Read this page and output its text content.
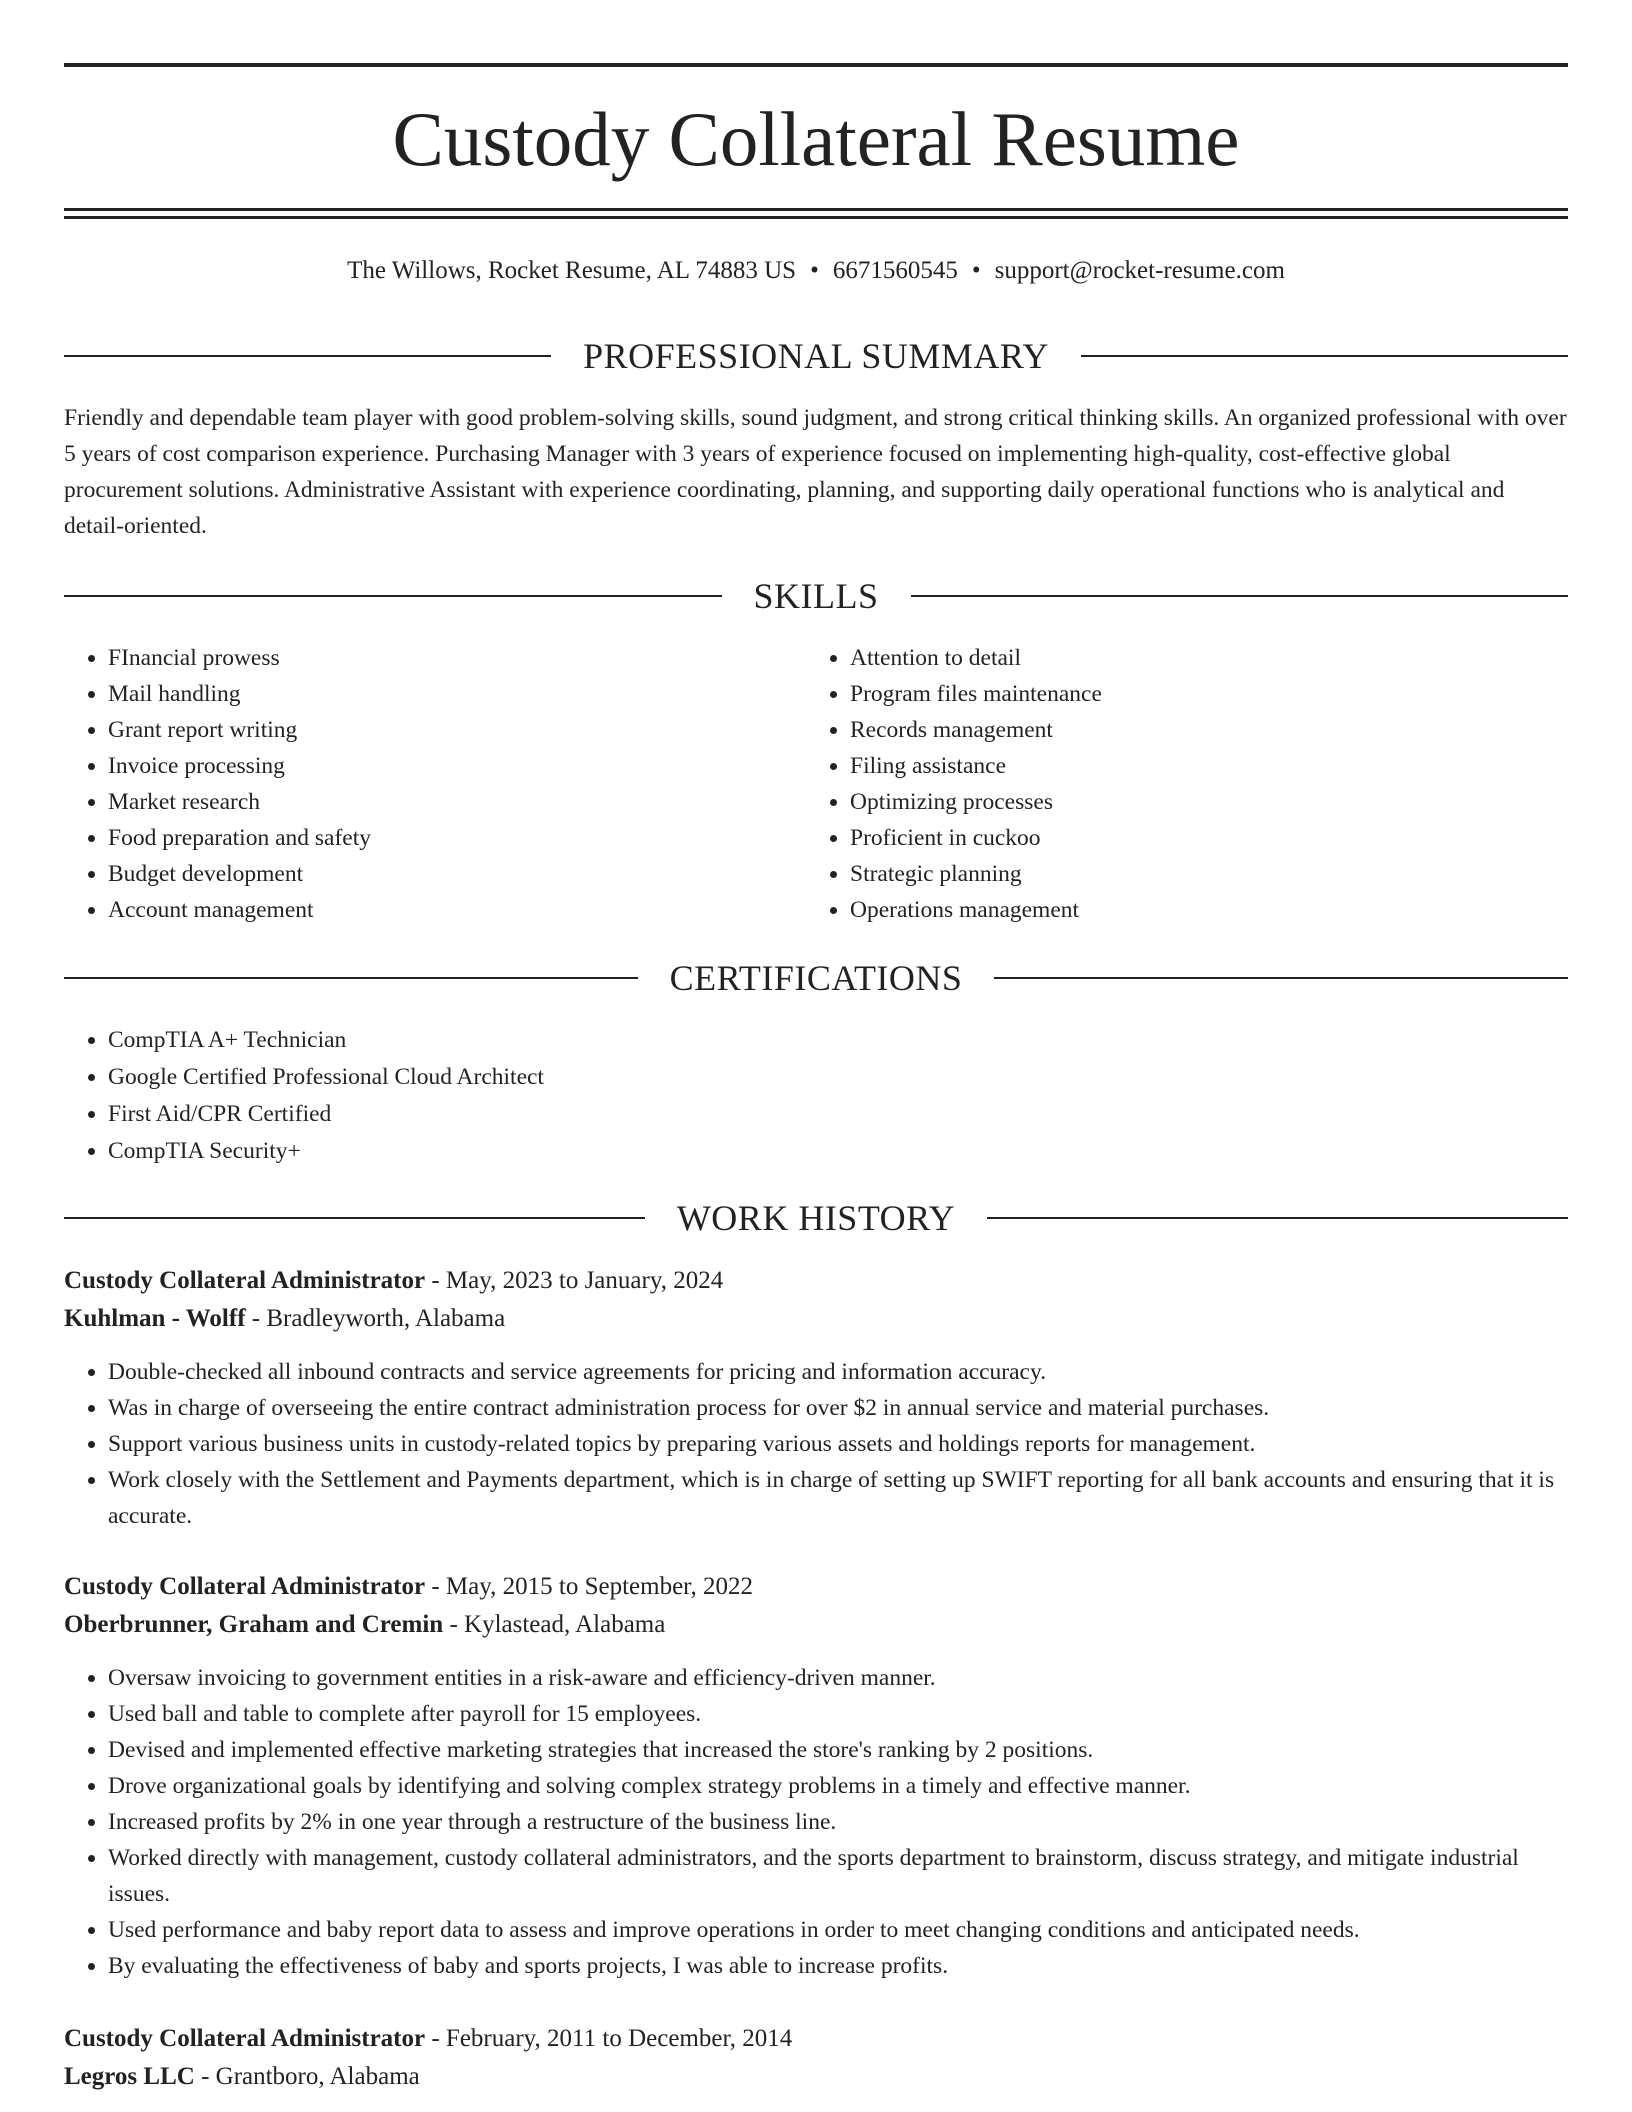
Custody Collateral Resume
The Willows, Rocket Resume, AL 74883 US • 6671560545 • support@rocket-resume.com
PROFESSIONAL SUMMARY

Friendly and dependable team player with good problem-solving skills, sound judgment, and strong critical thinking skills. An organized professional with over 5 years of cost comparison experience. Purchasing Manager with 3 years of experience focused on implementing high-quality, cost-effective global procurement solutions. Administrative Assistant with experience coordinating, planning, and supporting daily operational functions who is analytical and detail-oriented.

SKILLS
• FInancial prowess
• Mail handling
• Grant report writing
• Invoice processing
• Market research
• Food preparation and safety
• Budget development
• Account management
• Attention to detail
• Program files maintenance
• Records management
• Filing assistance
• Optimizing processes
• Proficient in cuckoo
• Strategic planning
• Operations management
CERTIFICATIONS
• CompTIA A+ Technician
• Google Certified Professional Cloud Architect
• First Aid/CPR Certified
• CompTIA Security+
WORK HISTORY
Custody Collateral Administrator - May, 2023 to January, 2024
Kuhlman - Wolff - Bradleyworth, Alabama
• Double-checked all inbound contracts and service agreements for pricing and information accuracy.
• Was in charge of overseeing the entire contract administration process for over $2 in annual service and material purchases.
• Support various business units in custody-related topics by preparing various assets and holdings reports for management.
• Work closely with the Settlement and Payments department, which is in charge of setting up SWIFT reporting for all bank accounts and ensuring that it is accurate.
Custody Collateral Administrator - May, 2015 to September, 2022
Oberbrunner, Graham and Cremin - Kylastead, Alabama
• Oversaw invoicing to government entities in a risk-aware and efficiency-driven manner.
• Used ball and table to complete after payroll for 15 employees.
• Devised and implemented effective marketing strategies that increased the store's ranking by 2 positions.
• Drove organizational goals by identifying and solving complex strategy problems in a timely and effective manner.
• Increased profits by 2% in one year through a restructure of the business line.
• Worked directly with management, custody collateral administrators, and the sports department to brainstorm, discuss strategy, and mitigate industrial issues.
• Used performance and baby report data to assess and improve operations in order to meet changing conditions and anticipated needs.
• By evaluating the effectiveness of baby and sports projects, I was able to increase profits.
Custody Collateral Administrator - February, 2011 to December, 2014
Legros LLC - Grantboro, Alabama
